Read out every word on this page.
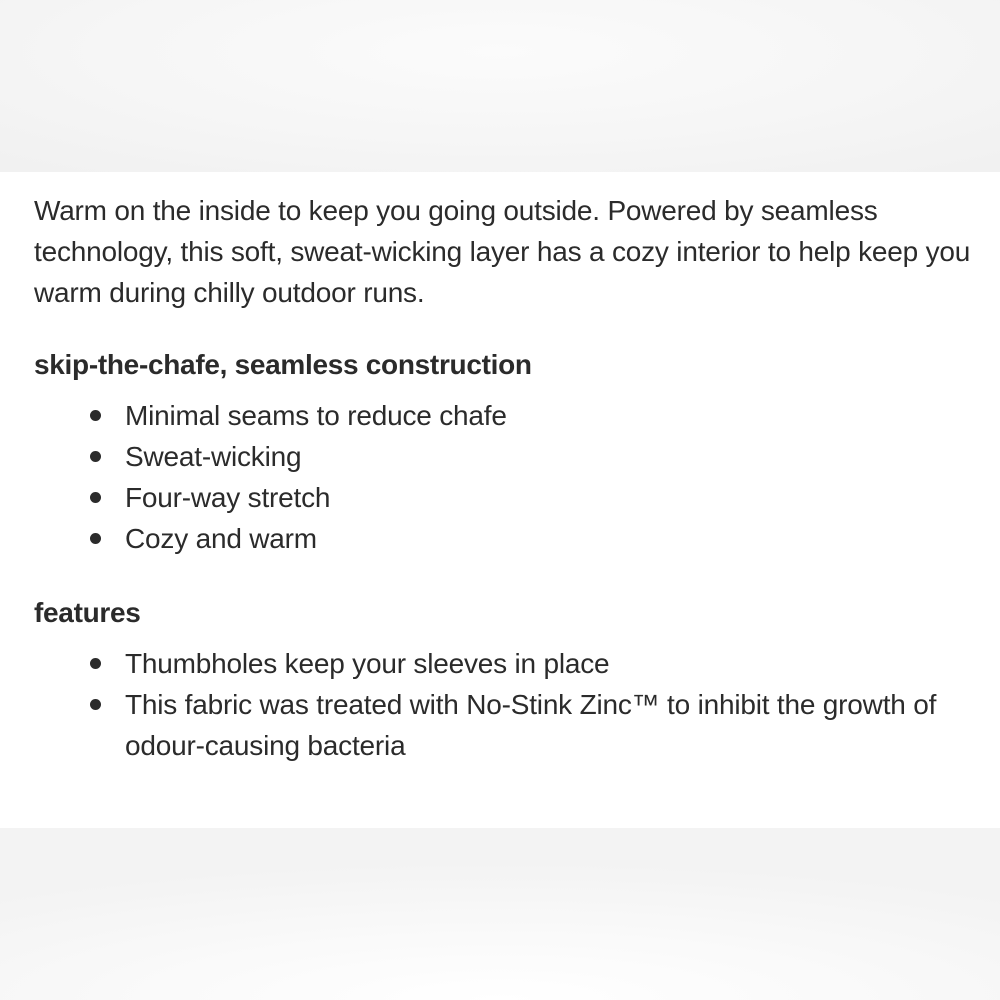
Warm on the inside to keep you going outside. Powered by seamless technology, this soft, sweat-wicking layer has a cozy interior to help keep you warm during chilly outdoor runs.

skip-the-chafe, seamless construction
Minimal seams to reduce chafe
Sweat-wicking
Four-way stretch
Cozy and warm
features
Thumbholes keep your sleeves in place
This fabric was treated with No-Stink Zinc™ to inhibit the growth of odour-causing bacteria
